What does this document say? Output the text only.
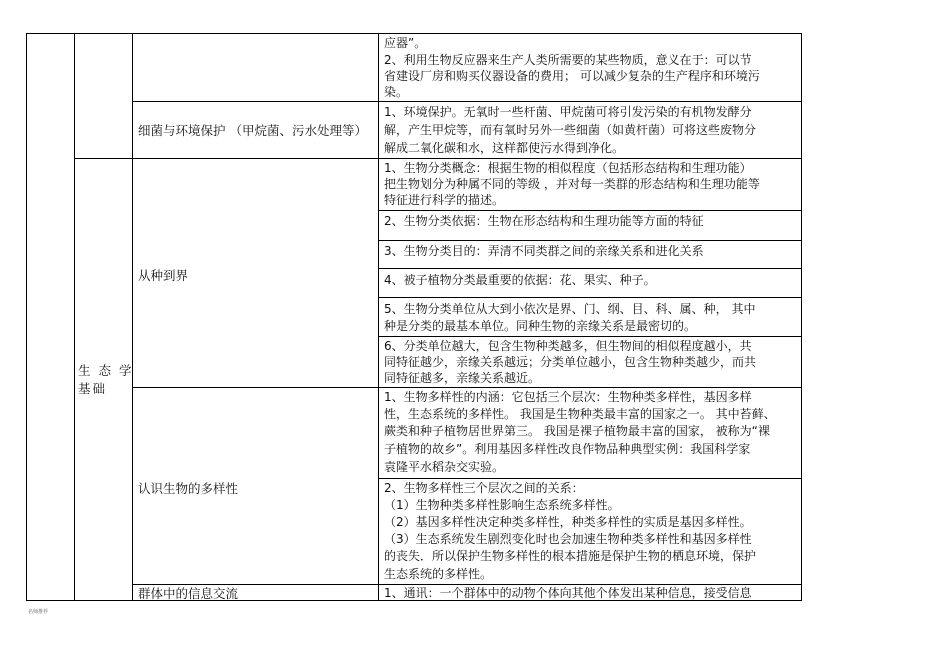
生 态 学
基础
应器”。
2、利用生物反应器来生产人类所需要的某些物质，意义在于：可以节
省建设厂房和购买仪器设备的费用； 可以减少复杂的生产程序和环境污
染。
细菌与环境保护 （甲烷菌、污水处理等）
1、环境保护。无氧时一些杆菌、甲烷菌可将引发污染的有机物发酵分
解，产生甲烷等，而有氧时另外一些细菌（如黄杆菌）可将这些废物分
解成二氧化碳和水，这样都使污水得到净化。
从种到界
1、生物分类概念：根据生物的相似程度（包括形态结构和生理功能）
把生物划分为种属不同的等级 ，并对每一类群的形态结构和生理功能等
特征进行科学的描述。
2、生物分类依据：生物在形态结构和生理功能等方面的特征
3、生物分类目的：弄清不同类群之间的亲缘关系和进化关系
4、被子植物分类最重要的依据：花、果实、种子。
5、生物分类单位从大到小依次是界、门、纲、目、科、属、种， 其中
种是分类的最基本单位。同种生物的亲缘关系是最密切的。
6、分类单位越大，包含生物种类越多，但生物间的相似程度越小，共
同特征越少，亲缘关系越远；分类单位越小，包含生物种类越少，而共
同特征越多，亲缘关系越近。
认识生物的多样性
1、生物多样性的内涵：它包括三个层次：生物种类多样性，基因多样
性，生态系统的多样性。 我国是生物种类最丰富的国家之一。 其中苔藓、
蕨类和种子植物居世界第三。 我国是裸子植物最丰富的国家， 被称为“裸
子植物的故乡”。利用基因多样性改良作物品种典型实例：我国科学家
袁隆平水稻杂交实验。
2、生物多样性三个层次之间的关系：
（1）生物种类多样性影响生态系统多样性。
（2）基因多样性决定种类多样性，种类多样性的实质是基因多样性。
（3）生态系统发生剧烈变化时也会加速生物种类多样性和基因多样性
的丧失．所以保护生物多样性的根本措施是保护生物的栖息环境，保护
生态系统的多样性。
群体中的信息交流	1、通讯：一个群体中的动物个体向其他个体发出某种信息，接受信息
名师推荐
